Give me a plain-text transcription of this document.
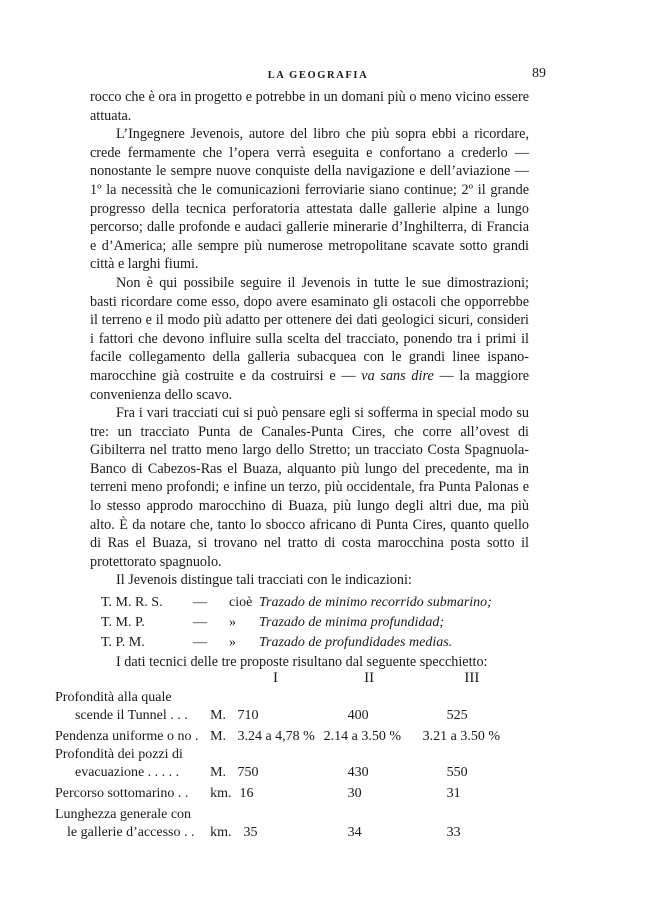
LA GEOGRAFIA	89

rocco che è ora in progetto e potrebbe in un domani più o meno vicino essere attuata.

L’Ingegnere Jevenois, autore del libro che più sopra ebbi a ricordare, crede fermamente che l’opera verrà eseguita e confortano a crederlo — nonostante le sempre nuove conquiste della navigazione e dell’aviazione — 1º la necessità che le comunicazioni ferroviarie siano continue; 2º il grande progresso della tecnica perforatoria attestata dalle gallerie alpine a lungo percorso; dalle profonde e audaci gallerie minerarie d’Inghilterra, di Francia e d’America; alle sempre più numerose metropolitane scavate sotto grandi città e larghi fiumi.

Non è qui possibile seguire il Jevenois in tutte le sue dimostrazioni; basti ricordare come esso, dopo avere esaminato gli ostacoli che opporrebbe il terreno e il modo più adatto per ottenere dei dati geologici sicuri, consideri i fattori che devono influire sulla scelta del tracciato, ponendo tra i primi il facile collegamento della galleria subacquea con le grandi linee ispano-marocchine già costruite e da costruirsi e — va sans dire — la maggiore convenienza dello scavo.

Fra i vari tracciati cui si può pensare egli si sofferma in special modo su tre: un tracciato Punta de Canales-Punta Cires, che corre all’ovest di Gibilterra nel tratto meno largo dello Stretto; un tracciato Costa Spagnuola-Banco di Cabezos-Ras el Buaza, alquanto più lungo del precedente, ma in terreni meno profondi; e infine un terzo, più occidentale, fra Punta Palonas e lo stesso approdo marocchino di Buaza, più lungo degli altri due, ma più alto. È da notare che, tanto lo sbocco africano di Punta Cires, quanto quello di Ras el Buaza, si trovano nel tratto di costa marocchina posta sotto il protettorato spagnuolo.

Il Jevenois distingue tali tracciati con le indicazioni:

T. M. R. S.	—	cioè	Trazado de minimo recorrido submarino;
T. M. P.	—	»	Trazado de minima profundidad;
T. P. M.	—	»	Trazado de profundidades medias.

I dati tecnici delle tre proposte risultano dal seguente specchietto:

		I	II	III
Profondità alla quale				
scende il Tunnel . . .	M.	710	400	525
Pendenza uniforme o no .	M.	3.24 a 4,78 %	2.14 a 3.50 %	3.21 a 3.50 %
Profondità dei pozzi di				
evacuazione . . . . .	M.	750	430	550
Percorso sottomarino . .	km.	16	30	31
Lunghezza generale con				
le gallerie d’accesso . .	km.	35	34	33
